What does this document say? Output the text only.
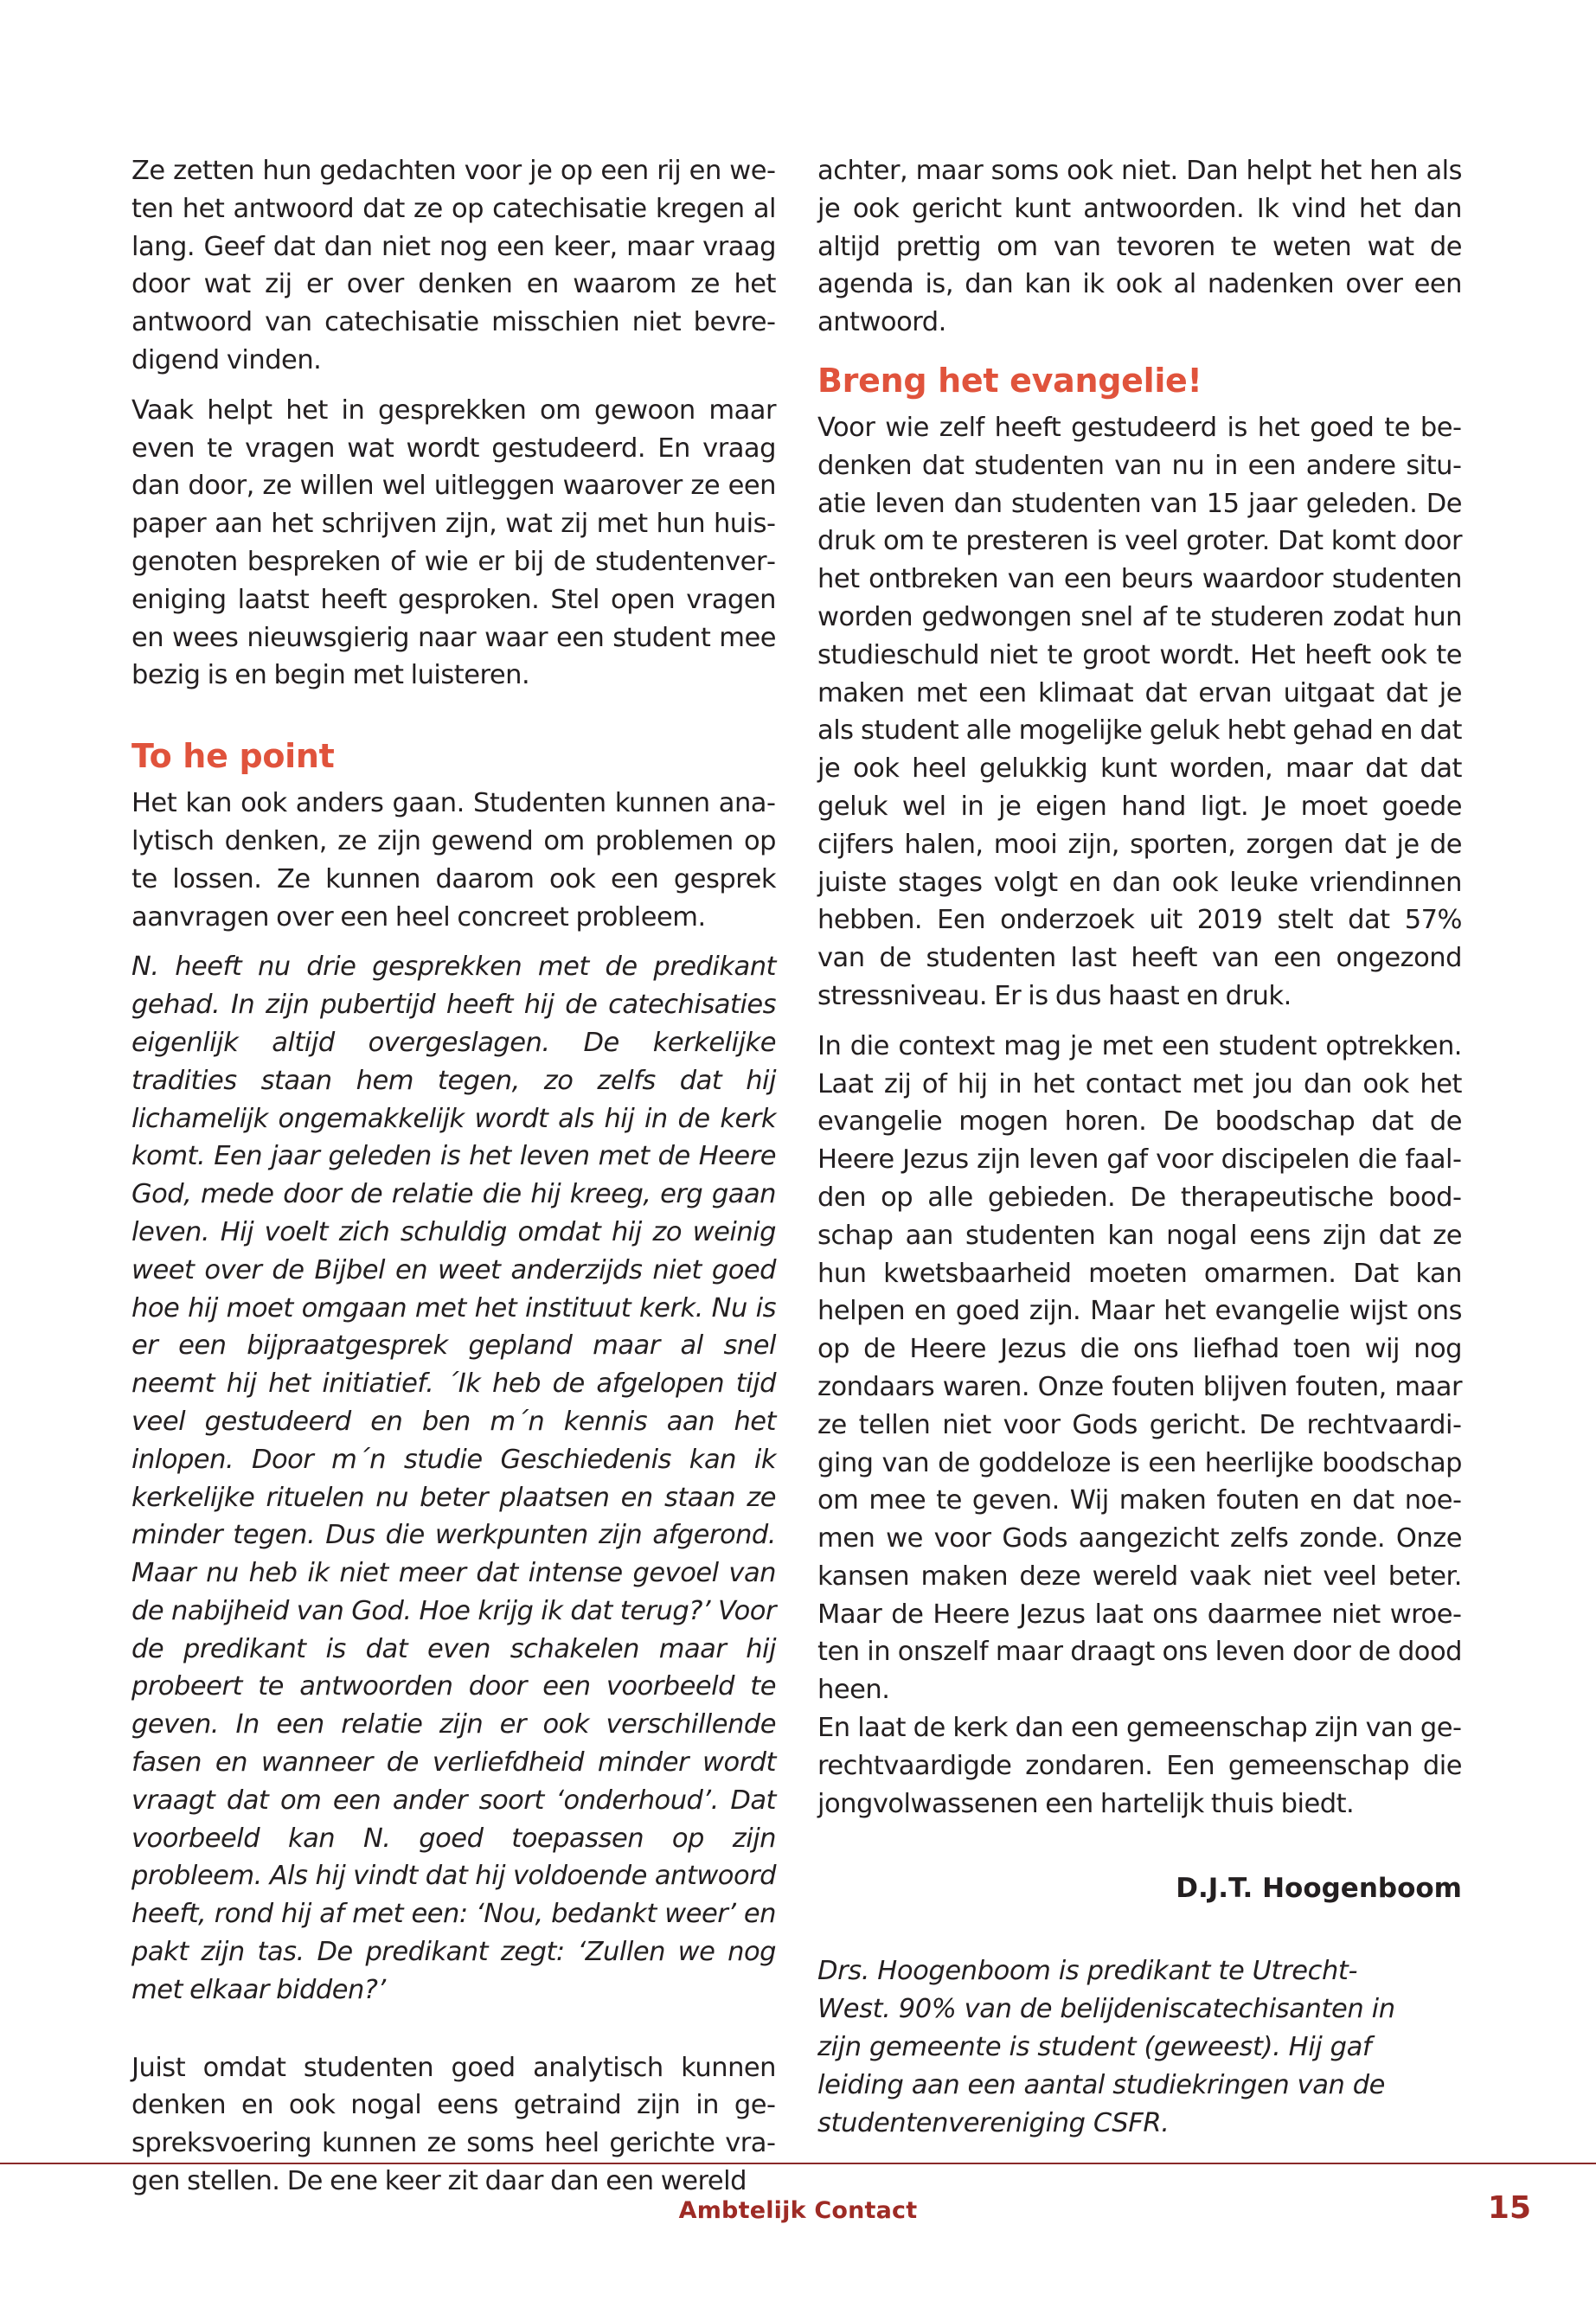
Ze zetten hun gedachten voor je op een rij en weten het antwoord dat ze op catechisatie kregen al lang. Geef dat dan niet nog een keer, maar vraag door wat zij er over denken en waarom ze het antwoord van catechisatie misschien niet bevredigend vinden.

Vaak helpt het in gesprekken om gewoon maar even te vragen wat wordt gestudeerd. En vraag dan door, ze willen wel uitleggen waarover ze een paper aan het schrijven zijn, wat zij met hun huisgenoten bespreken of wie er bij de studentenvereniging laatst heeft gesproken. Stel open vragen en wees nieuwsgierig naar waar een student mee bezig is en begin met luisteren.

To he point

Het kan ook anders gaan. Studenten kunnen analytisch denken, ze zijn gewend om problemen op te lossen. Ze kunnen daarom ook een gesprek aanvragen over een heel concreet probleem.

N. heeft nu drie gesprekken met de predikant gehad. In zijn pubertijd heeft hij de catechisaties eigenlijk altijd overgeslagen. De kerkelijke tradities staan hem tegen, zo zelfs dat hij lichamelijk ongemakkelijk wordt als hij in de kerk komt. Een jaar geleden is het leven met de Heere God, mede door de relatie die hij kreeg, erg gaan leven. Hij voelt zich schuldig omdat hij zo weinig weet over de Bijbel en weet anderzijds niet goed hoe hij moet omgaan met het instituut kerk. Nu is er een bijpraatgesprek gepland maar al snel neemt hij het initiatief. ´Ik heb de afgelopen tijd veel gestudeerd en ben m´n kennis aan het inlopen. Door m´n studie Geschiedenis kan ik kerkelijke rituelen nu beter plaatsen en staan ze minder tegen. Dus die werkpunten zijn afgerond. Maar nu heb ik niet meer dat intense gevoel van de nabijheid van God. Hoe krijg ik dat terug?’ Voor de predikant is dat even schakelen maar hij probeert te antwoorden door een voorbeeld te geven. In een relatie zijn er ook verschillende fasen en wanneer de verliefdheid minder wordt vraagt dat om een ander soort ‘onderhoud’. Dat voorbeeld kan N. goed toepassen op zijn probleem. Als hij vindt dat hij voldoende antwoord heeft, rond hij af met een: ‘Nou, bedankt weer’ en pakt zijn tas. De predikant zegt: ‘Zullen we nog met elkaar bidden?’

Juist omdat studenten goed analytisch kunnen denken en ook nogal eens getraind zijn in gespreksvoering kunnen ze soms heel gerichte vragen stellen. De ene keer zit daar dan een wereld

achter, maar soms ook niet. Dan helpt het hen als je ook gericht kunt antwoorden. Ik vind het dan altijd prettig om van tevoren te weten wat de agenda is, dan kan ik ook al nadenken over een antwoord.

Breng het evangelie!

Voor wie zelf heeft gestudeerd is het goed te bedenken dat studenten van nu in een andere situatie leven dan studenten van 15 jaar geleden. De druk om te presteren is veel groter. Dat komt door het ontbreken van een beurs waardoor studenten worden gedwongen snel af te studeren zodat hun studieschuld niet te groot wordt. Het heeft ook te maken met een klimaat dat ervan uitgaat dat je als student alle mogelijke geluk hebt gehad en dat je ook heel gelukkig kunt worden, maar dat dat geluk wel in je eigen hand ligt. Je moet goede cijfers halen, mooi zijn, sporten, zorgen dat je de juiste stages volgt en dan ook leuke vriendinnen hebben. Een onderzoek uit 2019 stelt dat 57% van de studenten last heeft van een ongezond stressniveau. Er is dus haast en druk.

In die context mag je met een student optrekken. Laat zij of hij in het contact met jou dan ook het evangelie mogen horen. De boodschap dat de Heere Jezus zijn leven gaf voor discipelen die faalden op alle gebieden. De therapeutische boodschap aan studenten kan nogal eens zijn dat ze hun kwetsbaarheid moeten omarmen. Dat kan helpen en goed zijn. Maar het evangelie wijst ons op de Heere Jezus die ons liefhad toen wij nog zondaars waren. Onze fouten blijven fouten, maar ze tellen niet voor Gods gericht. De rechtvaardiging van de goddeloze is een heerlijke boodschap om mee te geven. Wij maken fouten en dat noemen we voor Gods aangezicht zelfs zonde. Onze kansen maken deze wereld vaak niet veel beter. Maar de Heere Jezus laat ons daarmee niet wroeten in onszelf maar draagt ons leven door de dood heen.

En laat de kerk dan een gemeenschap zijn van gerechtvaardigde zondaren. Een gemeenschap die jongvolwassenen een hartelijk thuis biedt.

D.J.T. Hoogenboom
Drs. Hoogenboom is predikant te Utrecht-West. 90% van de belijdeniscatechisanten in zijn gemeente is student (geweest). Hij gaf leiding aan een aantal studiekringen van de studentenvereniging CSFR.
Ambtelijk Contact	15
